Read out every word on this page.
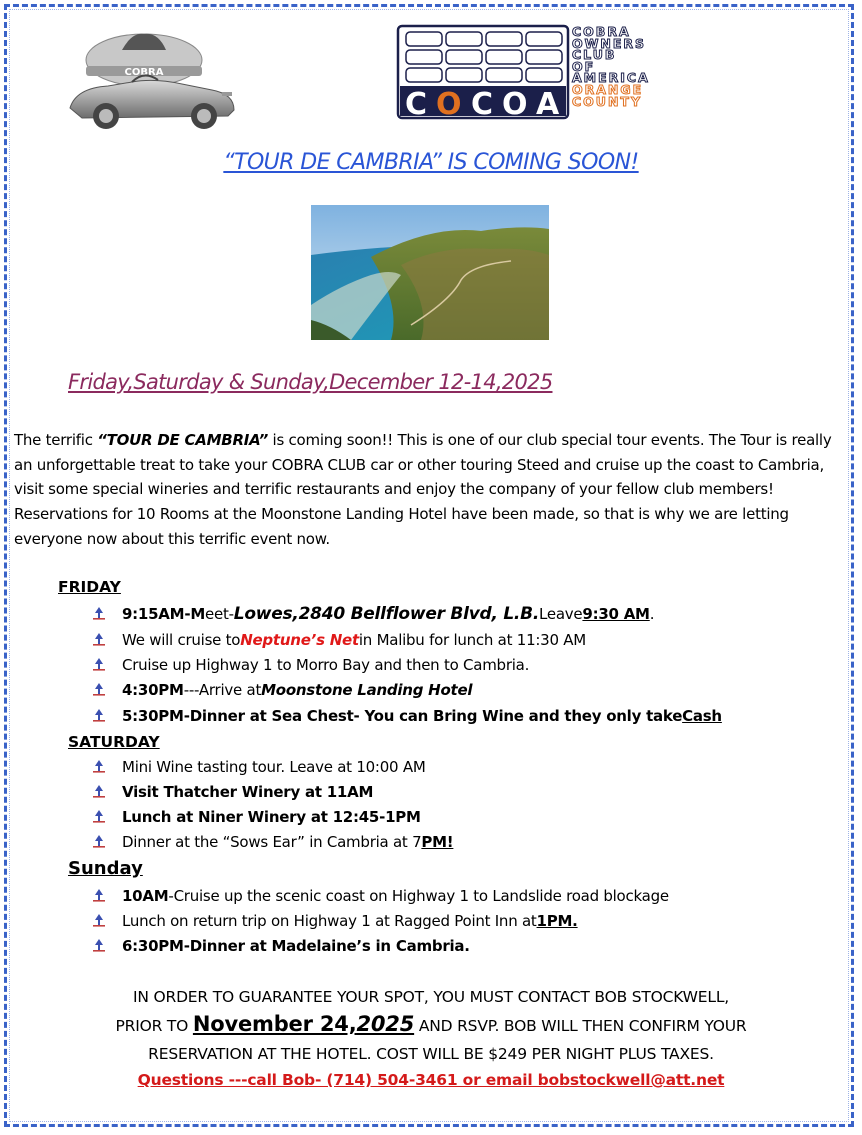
COBRA
C O C O A
COBRA
OWNERS
CLUB
OF
AMERICA
ORANGE
COUNTY
“TOUR DE CAMBRIA” IS COMING SOON!
Friday,Saturday & Sunday,December 12-14,2025
The terrific “TOUR DE CAMBRIA” is coming soon!! This is one of our club special tour events. The Tour is really an unforgettable treat to take your COBRA CLUB car or other touring Steed and cruise up the coast to Cambria, visit some special wineries and terrific restaurants and enjoy the company of your fellow club members! Reservations for 10 Rooms at the Moonstone Landing Hotel have been made, so that is why we are letting everyone now about this terrific event now.
FRIDAY
9:15AM-M eet- Lowes,2840 Bellflower Blvd, L.B. Leave 9:30 AM .
We will cruise to Neptune’s Net in Malibu for lunch at 11:30 AM
Cruise up Highway 1 to Morro Bay and then to Cambria.
4:30PM ---Arrive at Moonstone Landing Hotel
5:30PM-Dinner at Sea Chest- You can Bring Wine and they only take Cash
SATURDAY
Mini Wine tasting tour. Leave at 10:00 AM
Visit Thatcher Winery at 11AM
Lunch at Niner Winery at 12:45-1PM
Dinner at the “Sows Ear” in Cambria at 7 PM!
Sunday
10AM -Cruise up the scenic coast on Highway 1 to Landslide road blockage
Lunch on return trip on Highway 1 at Ragged Point Inn at 1PM.
6:30PM-Dinner at Madelaine’s in Cambria.
IN ORDER TO GUARANTEE YOUR SPOT, YOU MUST CONTACT BOB STOCKWELL,
PRIOR TO November 24,2025 AND RSVP. BOB WILL THEN CONFIRM YOUR
RESERVATION AT THE HOTEL. COST WILL BE $249 PER NIGHT PLUS TAXES.
Questions ---call Bob- (714) 504-3461 or email bobstockwell@att.net
